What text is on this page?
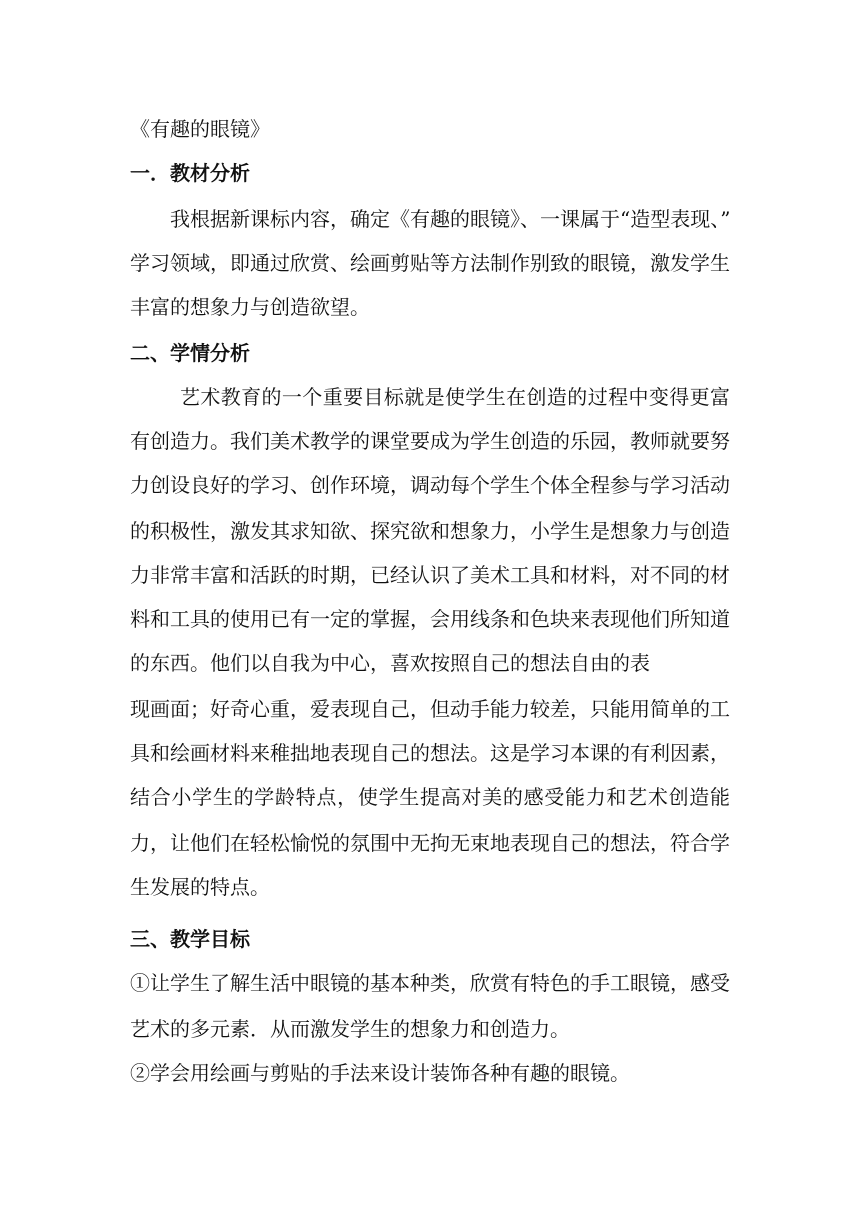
《有趣的眼镜》
一．教材分析
我根据新课标内容，确定《有趣的眼镜》、一课属于“造型表现、”
学习领域，即通过欣赏、绘画剪贴等方法制作别致的眼镜，激发学生
丰富的想象力与创造欲望。
二、学情分析
艺术教育的一个重要目标就是使学生在创造的过程中变得更富
有创造力。我们美术教学的课堂要成为学生创造的乐园，教师就要努
力创设良好的学习、创作环境，调动每个学生个体全程参与学习活动
的积极性，激发其求知欲、探究欲和想象力，小学生是想象力与创造
力非常丰富和活跃的时期，已经认识了美术工具和材料，对不同的材
料和工具的使用已有一定的掌握，会用线条和色块来表现他们所知道
的东西。他们以自我为中心，喜欢按照自己的想法自由的表
现画面；好奇心重，爱表现自己，但动手能力较差，只能用简单的工
具和绘画材料来稚拙地表现自己的想法。这是学习本课的有利因素，
结合小学生的学龄特点，使学生提高对美的感受能力和艺术创造能
力，让他们在轻松愉悦的氛围中无拘无束地表现自己的想法，符合学
生发展的特点。
三、教学目标
①让学生了解生活中眼镜的基本种类，欣赏有特色的手工眼镜，感受
艺术的多元素．从而激发学生的想象力和创造力。
②学会用绘画与剪贴的手法来设计装饰各种有趣的眼镜。
